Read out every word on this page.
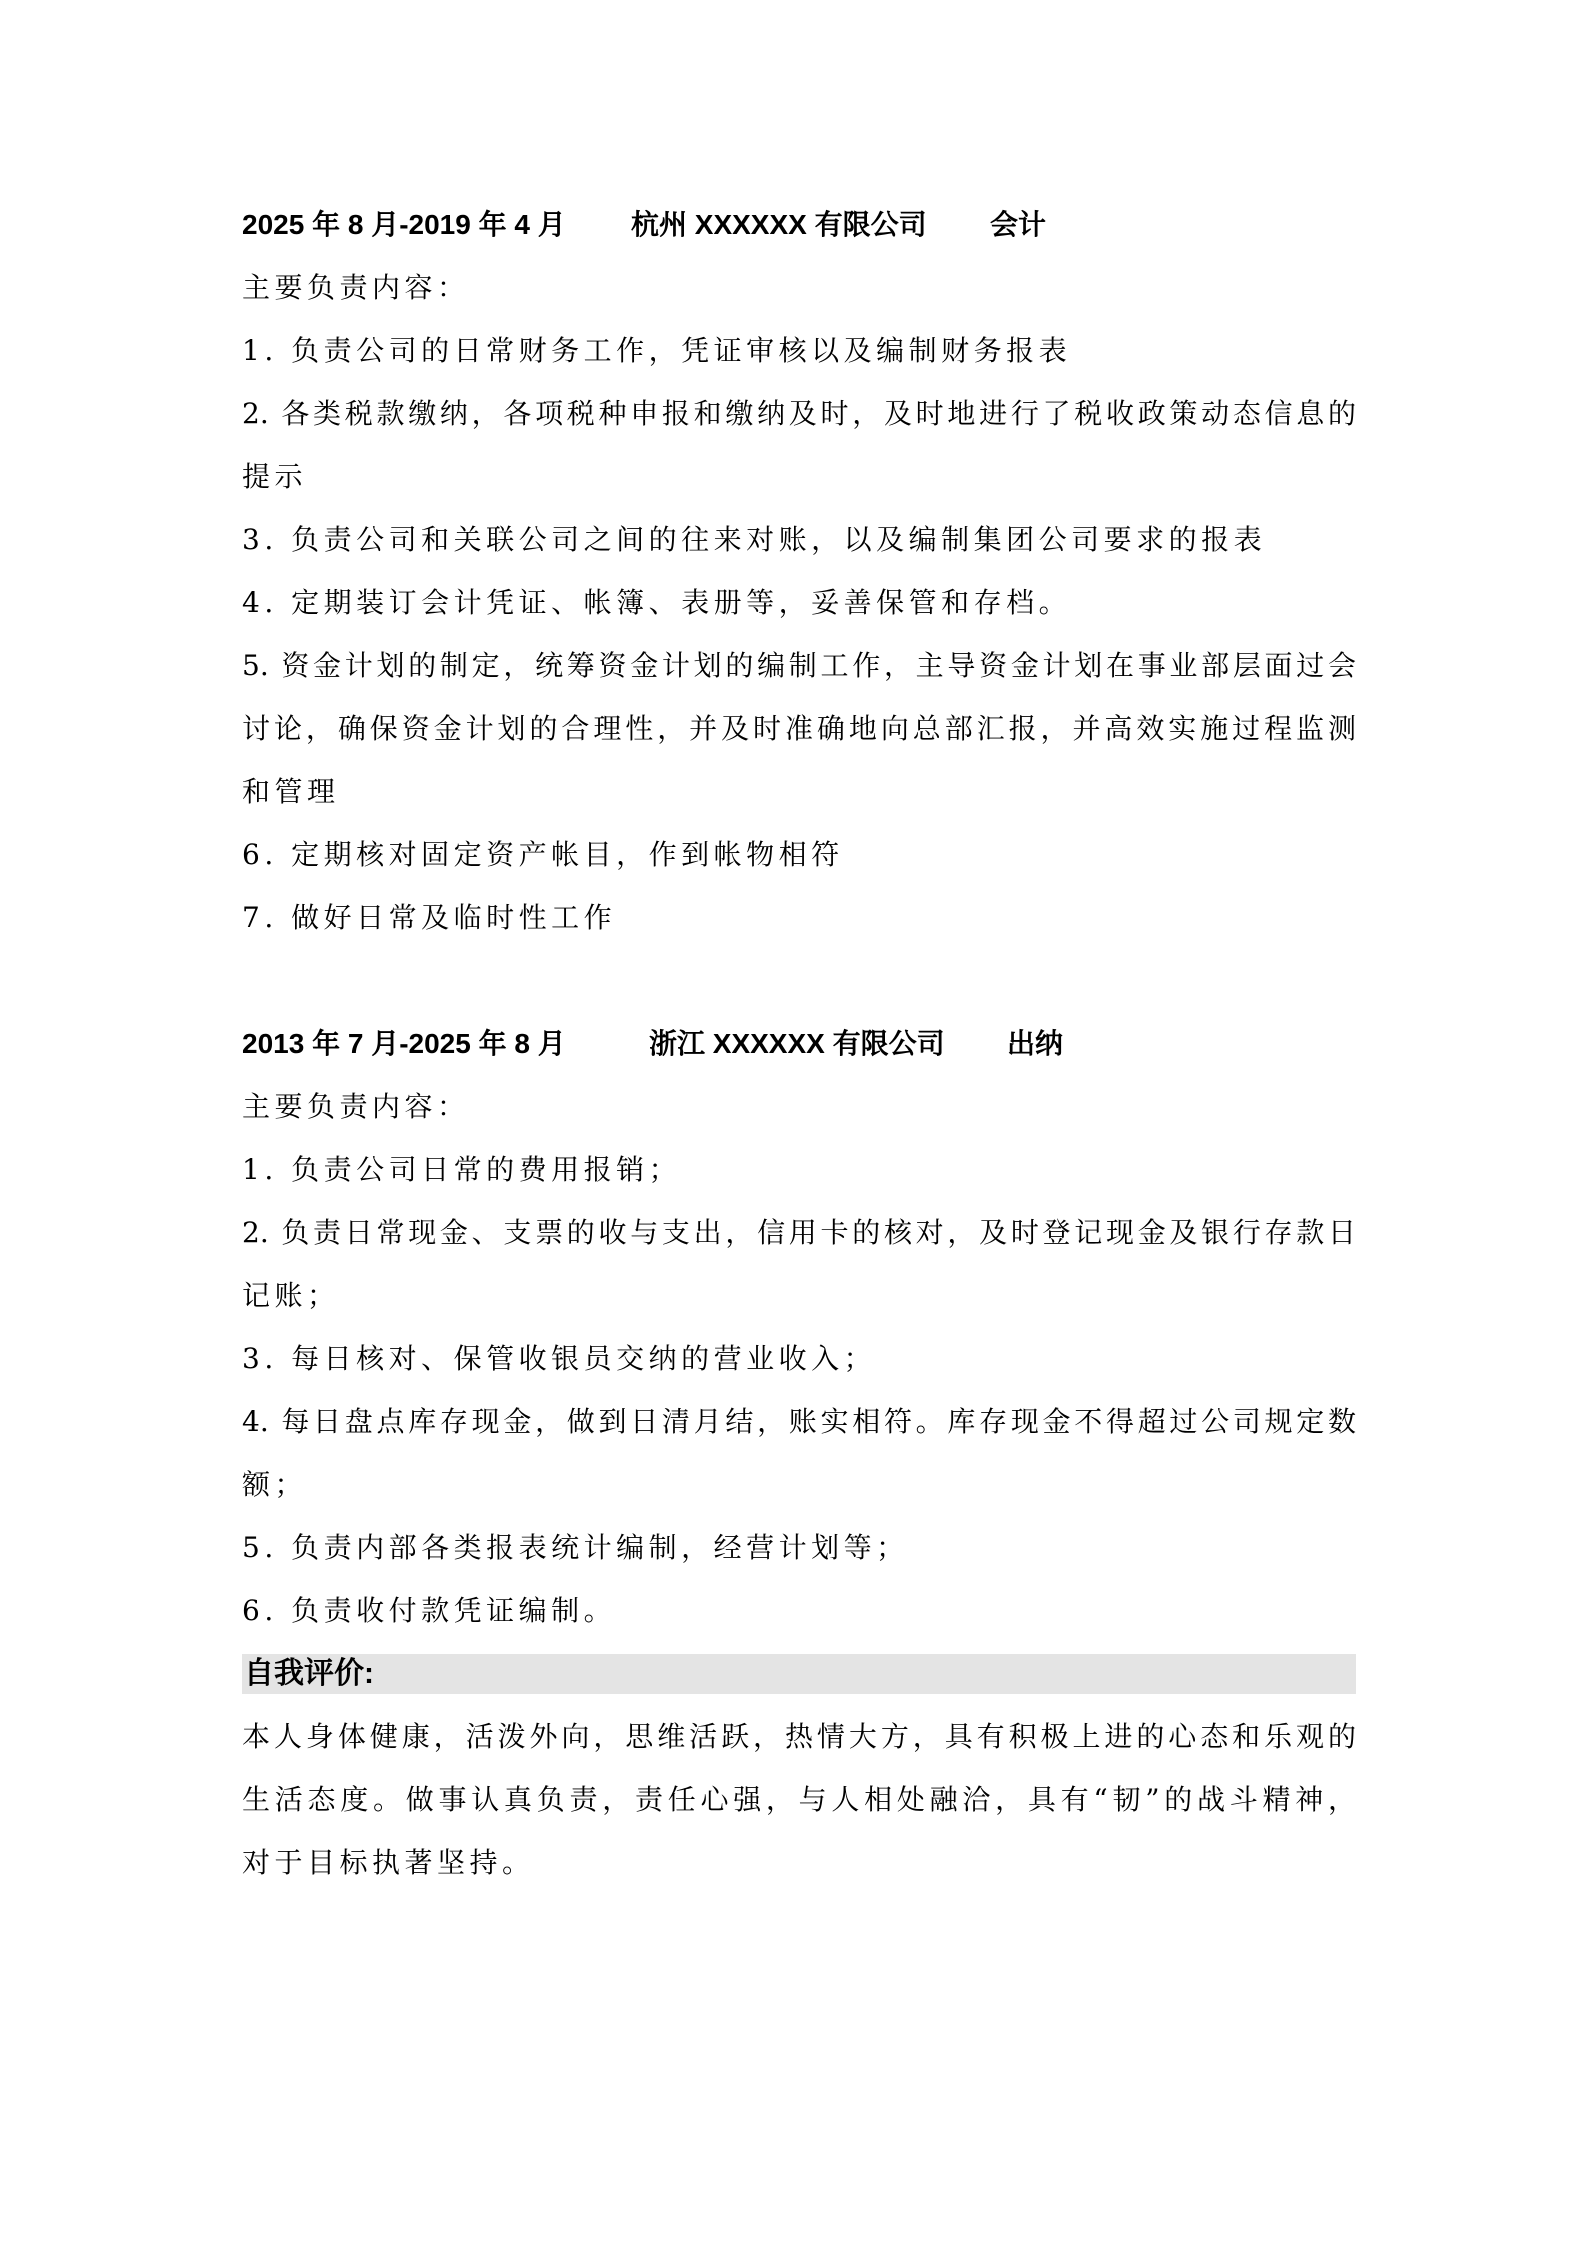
2025 年 8 月-2019 年 4 月 杭州 XXXXXX 有限公司 会计
主要负责内容：
1. 负责公司的日常财务工作，凭证审核以及编制财务报表
2. 各类税款缴纳，各项税种申报和缴纳及时，及时地进行了税收政策动态信息的
提示
3. 负责公司和关联公司之间的往来对账，以及编制集团公司要求的报表
4. 定期装订会计凭证、帐簿、表册等，妥善保管和存档。
5. 资金计划的制定，统筹资金计划的编制工作，主导资金计划在事业部层面过会
讨论，确保资金计划的合理性，并及时准确地向总部汇报，并高效实施过程监测
和管理
6. 定期核对固定资产帐目，作到帐物相符
7. 做好日常及临时性工作
2013 年 7 月-2025 年 8 月	浙江 XXXXXX 有限公司 出纳
主要负责内容：
1. 负责公司日常的费用报销；
2. 负责日常现金、支票的收与支出，信用卡的核对，及时登记现金及银行存款日
记账；
3. 每日核对、保管收银员交纳的营业收入；
4. 每日盘点库存现金，做到日清月结，账实相符。库存现金不得超过公司规定数
额；
5. 负责内部各类报表统计编制，经营计划等；
6. 负责收付款凭证编制。
自我评价:
本人身体健康，活泼外向，思维活跃，热情大方，具有积极上进的心态和乐观的
生活态度。做事认真负责，责任心强，与人相处融洽，具有“韧”的战斗精神，
对于目标执著坚持。
